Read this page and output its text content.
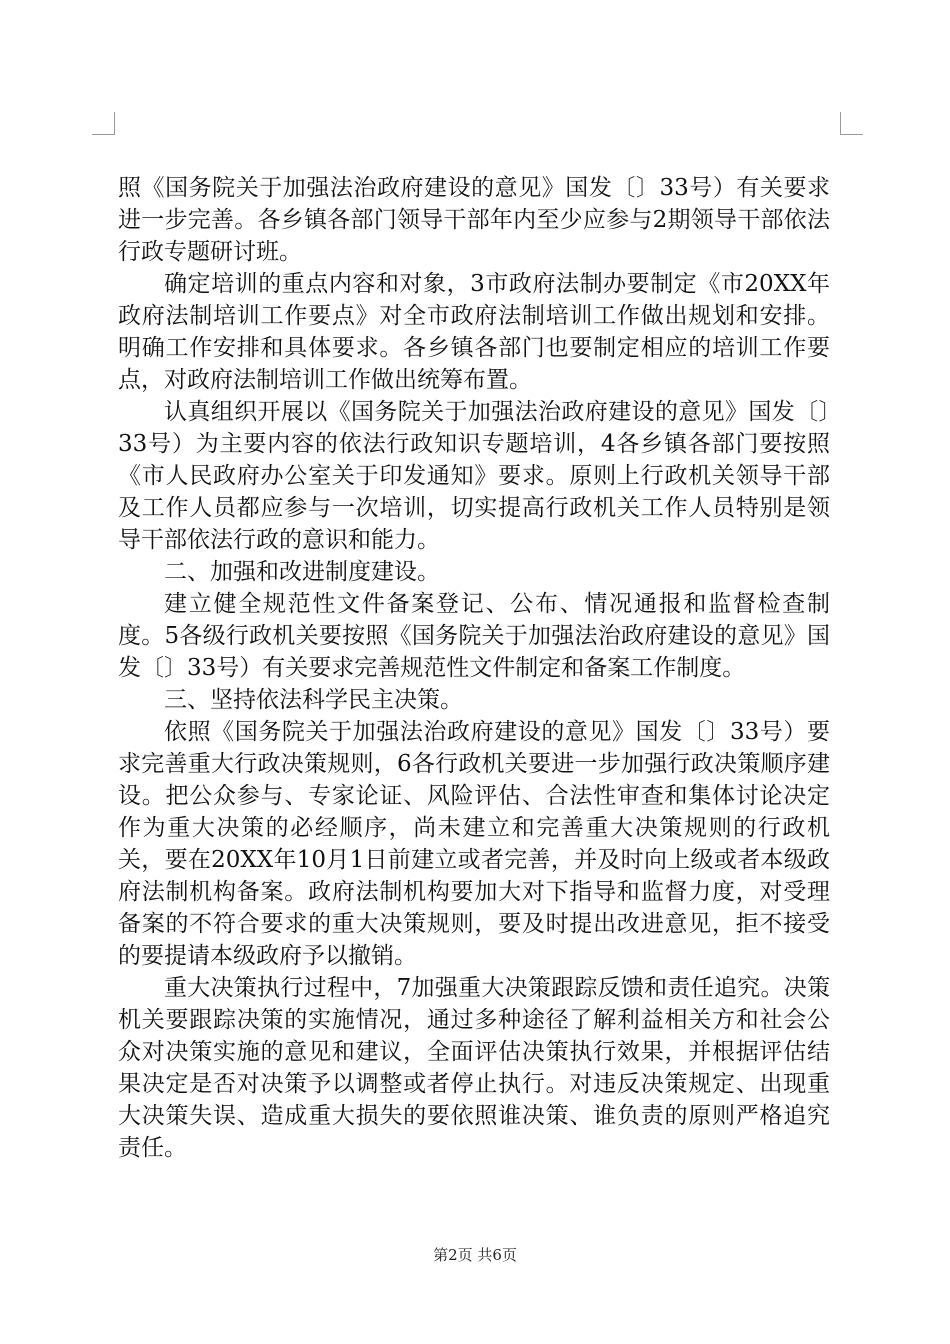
照《国务院关于加强法治政府建设的意见》国发〔〕33号）有关要求进一步完善。各乡镇各部门领导干部年内至少应参与2期领导干部依法行政专题研讨班。

确定培训的重点内容和对象，3市政府法制办要制定《市20XX年政府法制培训工作要点》对全市政府法制培训工作做出规划和安排。明确工作安排和具体要求。各乡镇各部门也要制定相应的培训工作要点，对政府法制培训工作做出统筹布置。

认真组织开展以《国务院关于加强法治政府建设的意见》国发〔〕33号）为主要内容的依法行政知识专题培训，4各乡镇各部门要按照《市人民政府办公室关于印发通知》要求。原则上行政机关领导干部及工作人员都应参与一次培训，切实提高行政机关工作人员特别是领导干部依法行政的意识和能力。

二、加强和改进制度建设。

建立健全规范性文件备案登记、公布、情况通报和监督检查制度。5各级行政机关要按照《国务院关于加强法治政府建设的意见》国发〔〕33号）有关要求完善规范性文件制定和备案工作制度。

三、坚持依法科学民主决策。

依照《国务院关于加强法治政府建设的意见》国发〔〕33号）要求完善重大行政决策规则，6各行政机关要进一步加强行政决策顺序建设。把公众参与、专家论证、风险评估、合法性审查和集体讨论决定作为重大决策的必经顺序，尚未建立和完善重大决策规则的行政机关，要在20XX年10月1日前建立或者完善，并及时向上级或者本级政府法制机构备案。政府法制机构要加大对下指导和监督力度，对受理备案的不符合要求的重大决策规则，要及时提出改进意见，拒不接受的要提请本级政府予以撤销。

重大决策执行过程中，7加强重大决策跟踪反馈和责任追究。决策机关要跟踪决策的实施情况，通过多种途径了解利益相关方和社会公众对决策实施的意见和建议，全面评估决策执行效果，并根据评估结果决定是否对决策予以调整或者停止执行。对违反决策规定、出现重大决策失误、造成重大损失的要依照谁决策、谁负责的原则严格追究责任。

第2页 共6页
